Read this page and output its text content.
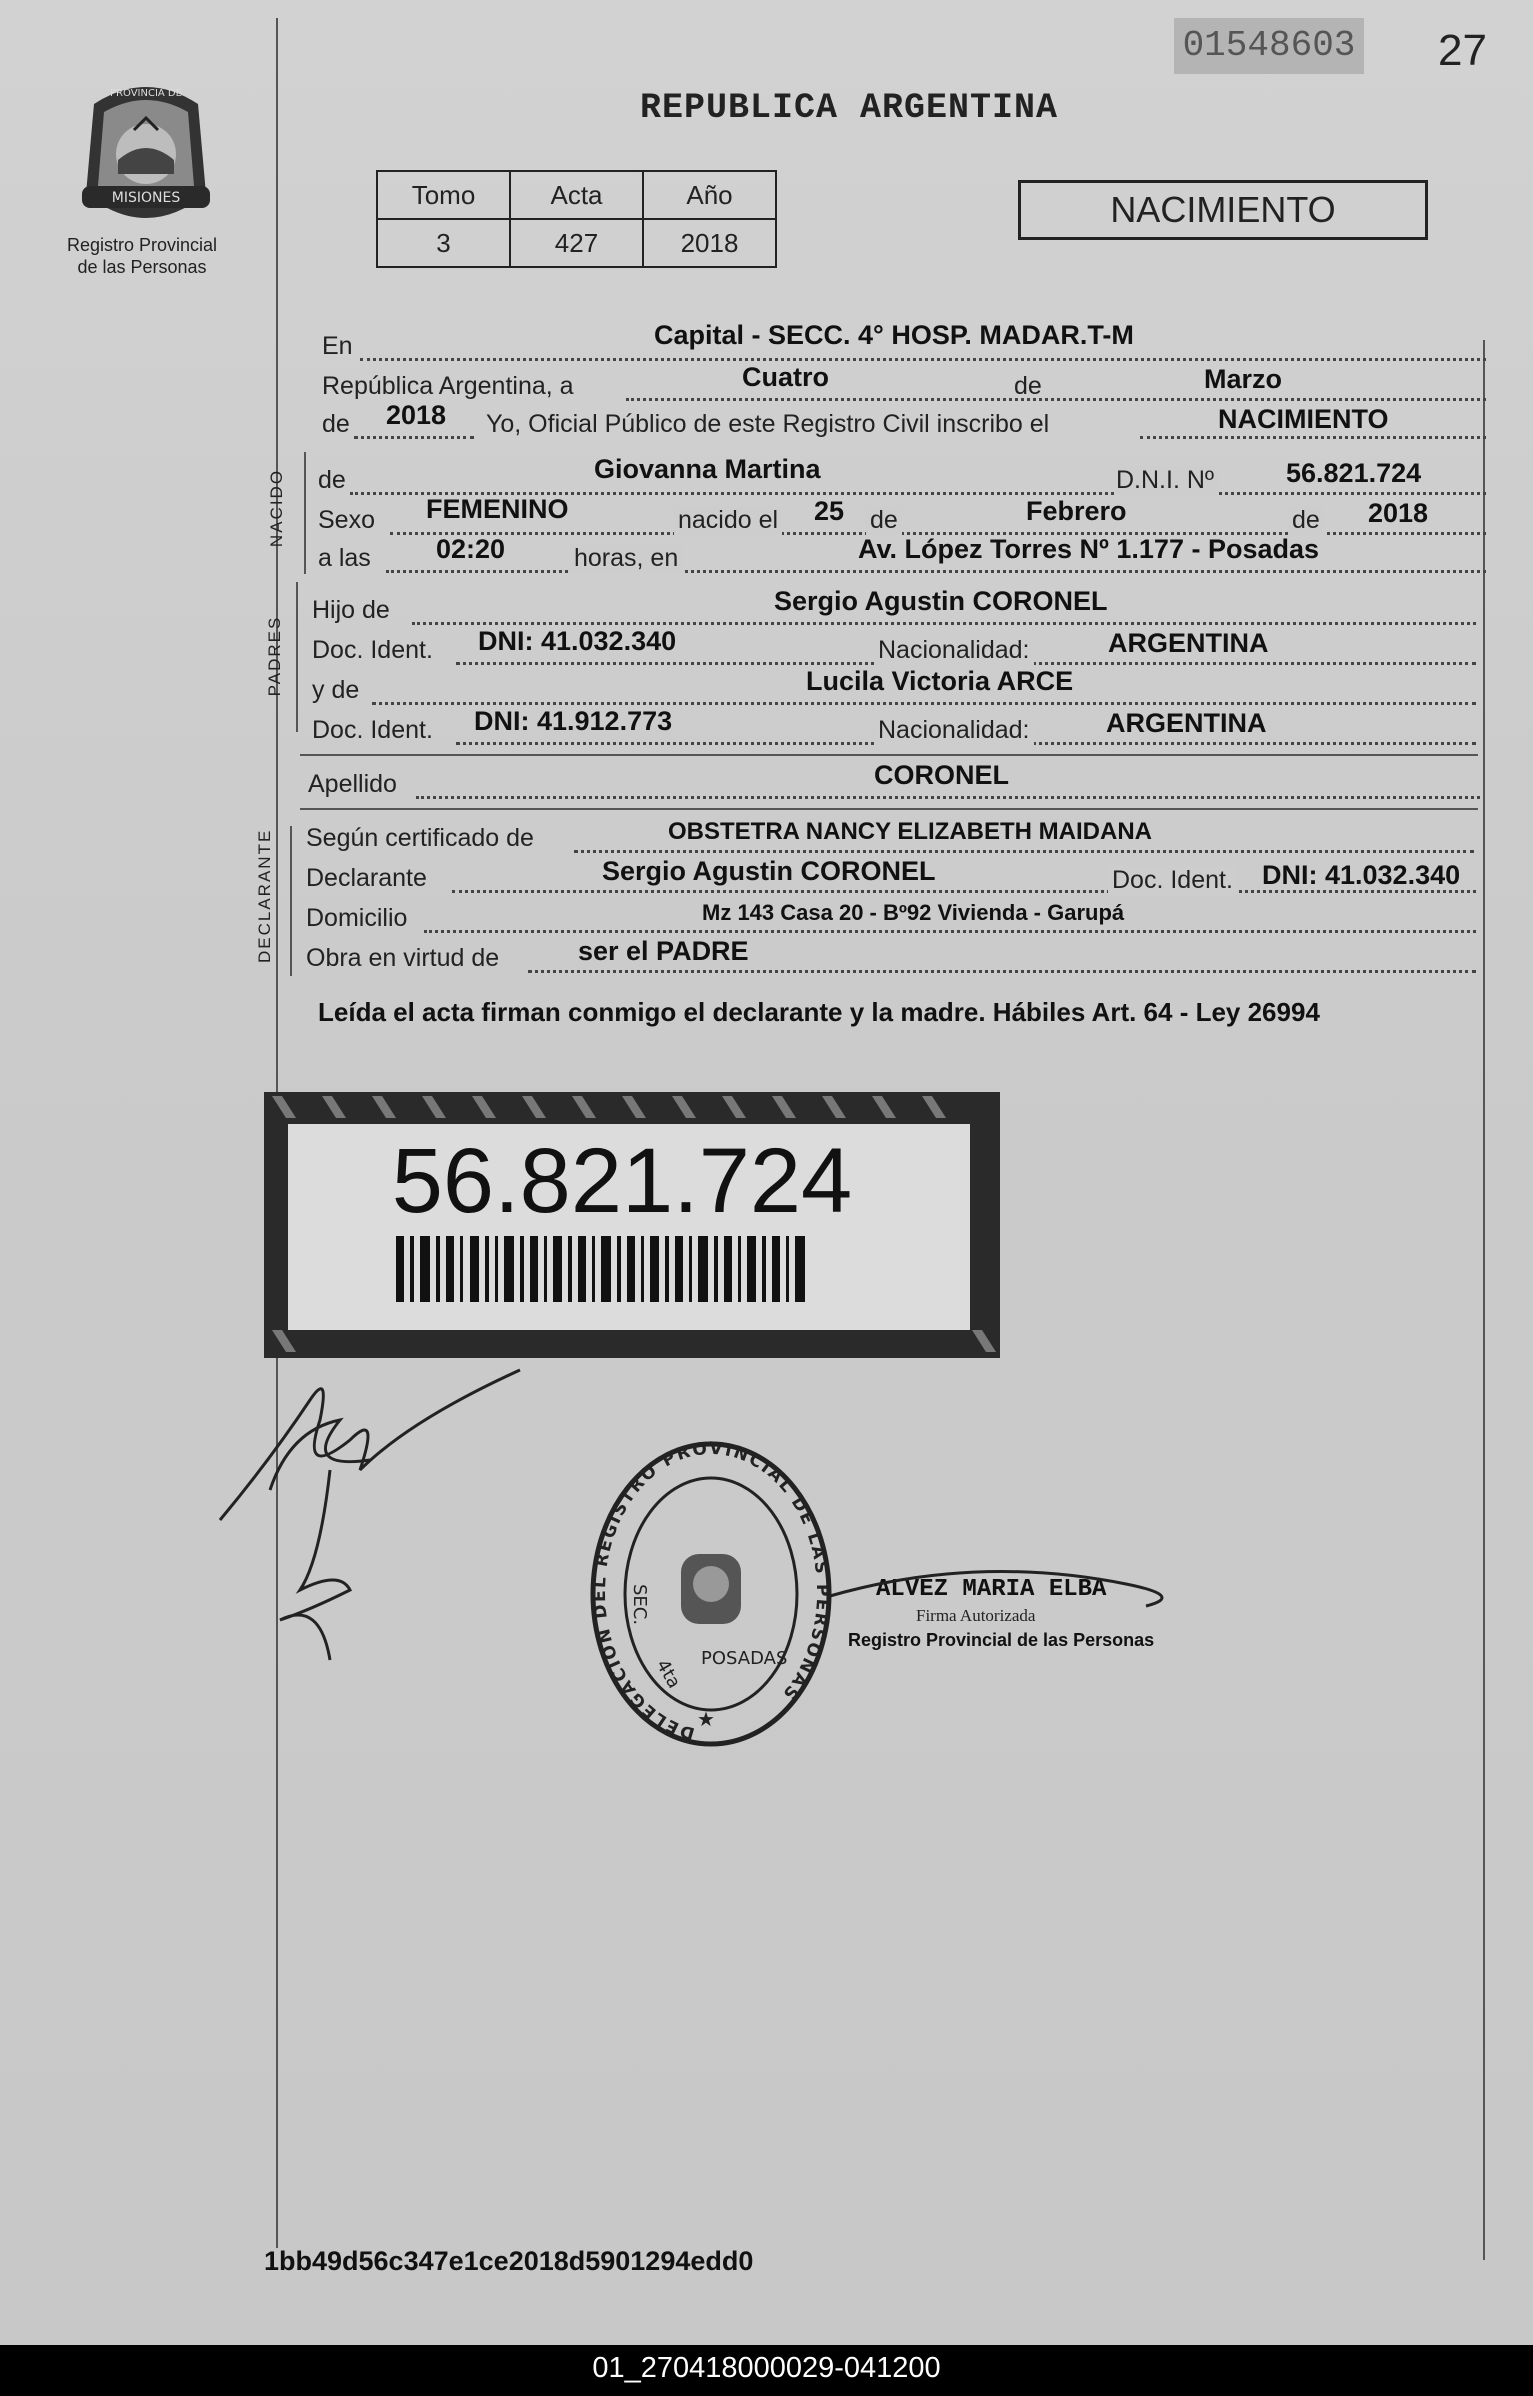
01548603 27
REPUBLICA ARGENTINA
MISIONES
PROVINCIA DE
Registro Provincial
de las Personas
Tomo	Acta	Año
3	427	2018
NACIMIENTO
En	Capital - SECC. 4° HOSP. MADAR.T-M
República Argentina, a	Cuatro	de	Marzo
de 2018 Yo, Oficial Público de este Registro Civil inscribo el	NACIMIENTO
NACIDO de	Giovanna Martina	D.N.I. Nº	56.821.724
Sexo FEMENINO	nacido el 25 de	Febrero	de 2018
a las 02:20	horas, en	Av. López Torres Nº 1.177 - Posadas
PADRES
Hijo de	Sergio Agustin CORONEL
Doc. Ident. DNI: 41.032.340	Nacionalidad:	ARGENTINA
y de	Lucila Victoria ARCE
Doc. Ident. DNI: 41.912.773	Nacionalidad:	ARGENTINA
Apellido	CORONEL
DECLARANTE Según certificado de	OBSTETRA NANCY ELIZABETH MAIDANA
Declarante	Sergio Agustin CORONEL	Doc. Ident. DNI: 41.032.340
Domicilio	Mz 143 Casa 20 - Bº92 Vivienda - Garupá
Obra en virtud de	ser el PADRE
Leída el acta firman conmigo el declarante y la madre. Hábiles Art. 64 - Ley 26994
56.821.724
DELEGACION DEL REGISTRO PROVINCIAL DE LAS PERSONAS
SEC.
4ta POSADAS
★
ALVEZ MARIA ELBA
Firma Autorizada
Registro Provincial de las Personas
1bb49d56c347e1ce2018d5901294edd0
01_270418000029-041200
